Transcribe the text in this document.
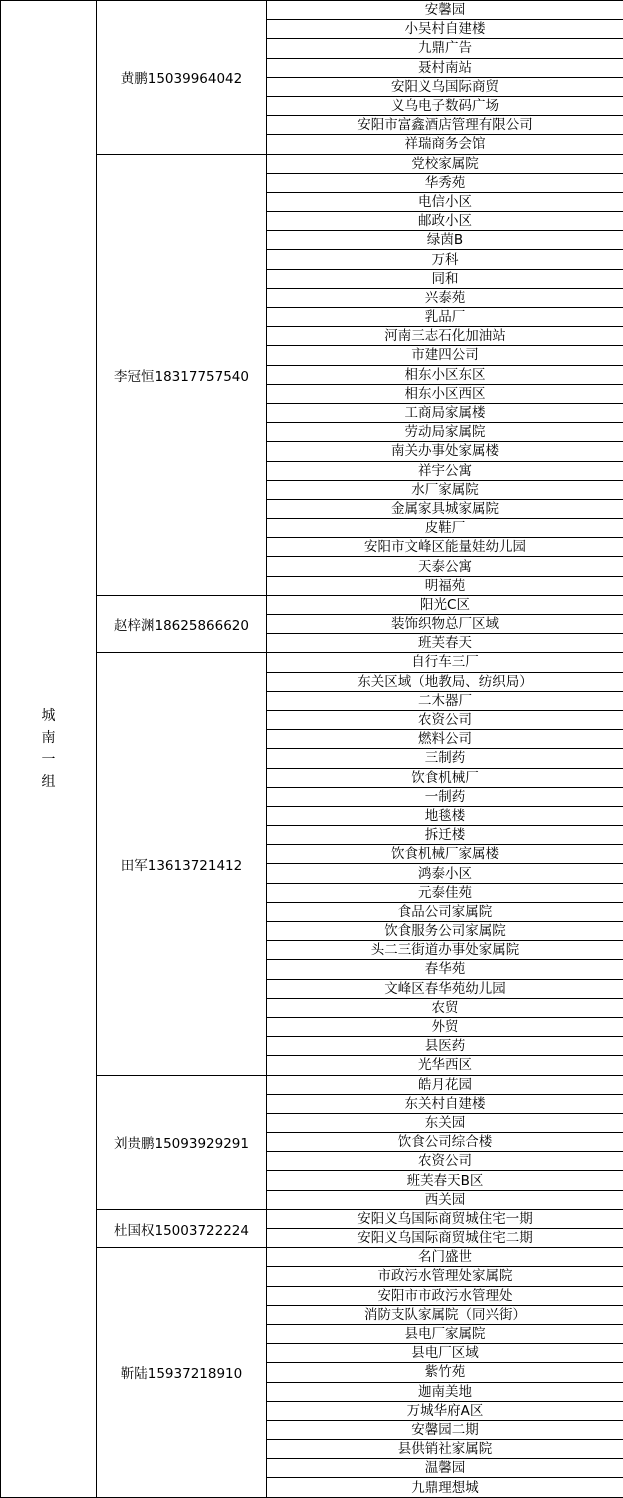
城
南
一
组	黄鹏15039964042	安馨园
		小吴村自建楼
		九鼎广告
		聂村南站
		安阳义乌国际商贸
		义乌电子数码广场
		安阳市富鑫酒店管理有限公司
		祥瑞商务会馆
	李冠恒18317757540	党校家属院
		华秀苑
		电信小区
		邮政小区
		绿茵B
		万科
		同和
		兴泰苑
		乳品厂
		河南三志石化加油站
		市建四公司
		相东小区东区
		相东小区西区
		工商局家属楼
		劳动局家属院
		南关办事处家属楼
		祥宇公寓
		水厂家属院
		金属家具城家属院
		皮鞋厂
		安阳市文峰区能量娃幼儿园
		天泰公寓
		明福苑
	赵梓渊18625866620	阳光C区
		装饰织物总厂区域
		班芙春天
	田军13613721412	自行车三厂
		东关区域（地教局、纺织局）
		二木器厂
		农资公司
		燃料公司
		三制药
		饮食机械厂
		一制药
		地毯楼
		拆迁楼
		饮食机械厂家属楼
		鸿泰小区
		元泰佳苑
		食品公司家属院
		饮食服务公司家属院
		头二三街道办事处家属院
		春华苑
		文峰区春华苑幼儿园
		农贸
		外贸
		县医药
		光华西区
	刘贵鹏15093929291	皓月花园
		东关村自建楼
		东关园
		饮食公司综合楼
		农资公司
		班芙春天B区
		西关园
	杜国权15003722224	安阳义乌国际商贸城住宅一期
		安阳义乌国际商贸城住宅二期
	靳陆15937218910	名门盛世
		市政污水管理处家属院
		安阳市市政污水管理处
		消防支队家属院（同兴街）
		县电厂家属院
		县电厂区域
		紫竹苑
		迦南美地
		万城华府A区
		安馨园二期
		县供销社家属院
		温馨园
		九鼎理想城
